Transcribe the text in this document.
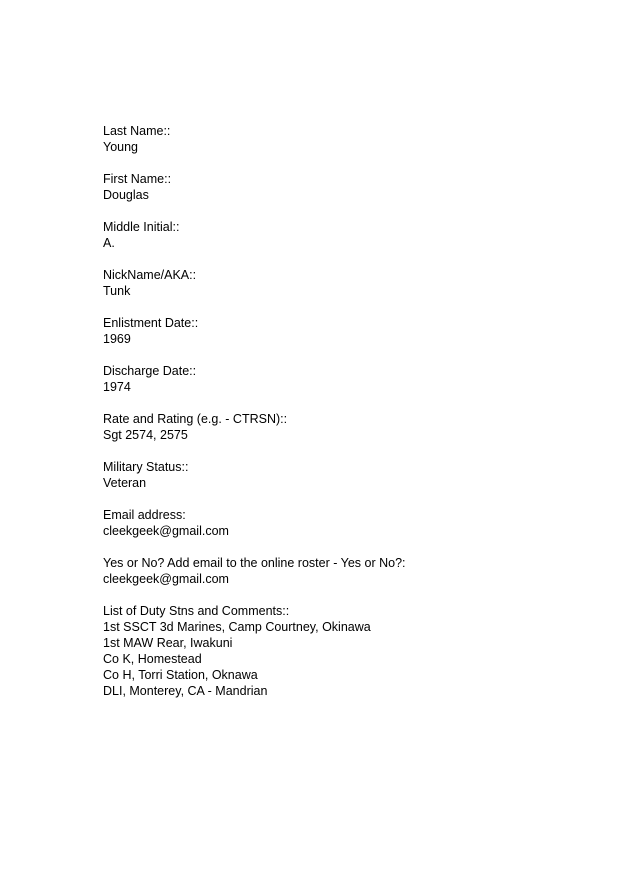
Last Name::
Young
First Name::
Douglas
Middle Initial::
A.
NickName/AKA::
Tunk
Enlistment Date::
1969
Discharge Date::
1974
Rate and Rating (e.g. - CTRSN)::
Sgt 2574, 2575
Military Status::
Veteran
Email address:
cleekgeek@gmail.com
Yes or No? Add email to the online roster - Yes or No?:
cleekgeek@gmail.com
List of Duty Stns and Comments::
1st SSCT 3d Marines, Camp Courtney, Okinawa
1st MAW Rear, Iwakuni
Co K, Homestead
Co H, Torri Station, Oknawa
DLI, Monterey, CA - Mandrian
